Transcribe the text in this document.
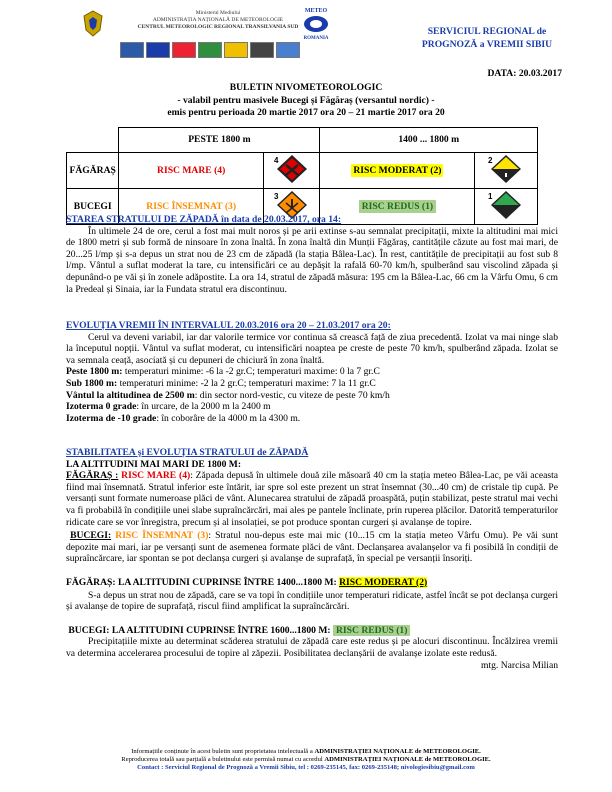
Ministerul Mediului
ADMINISTRAȚIA NAȚIONALĂ DE METEOROLOGIE
CENTRUL METEOROLOGIC REGIONAL TRANSILVANIA SUD
METEO
ROMANIA
SERVICIUL REGIONAL de
PROGNOZĂ a VREMII SIBIU
DATA: 20.03.2017
BULETIN NIVOMETEOROLOGIC
- valabil pentru masivele Bucegi și Făgăraș (versantul nordic) -
emis pentru perioada 20 martie 2017 ora 20 – 21 martie 2017 ora 20
	PESTE 1800 m		1400 ... 1800 m	
FĂGĂRAȘ	RISC MARE (4)	4	RISC MODERAT (2)	2

BUCEGI	RISC ÎNSEMNAT (3)	3	RISC REDUS (1)	1

STAREA STRATULUI DE ZĂPADĂ în data de 20.03.2017, ora 14:

În ultimele 24 de ore, cerul a fost mai mult noros și pe arii extinse s-au semnalat precipitații, mixte la altitudini mai mici de 1800 metri și sub formă de ninsoare în zona înaltă. În zona înaltă din Munții Făgăraș, cantitățile căzute au fost mai mari, de 20...25 l/mp și s-a depus un strat nou de 23 cm de zăpadă (la stația Bâlea-Lac). În rest, cantitățile de precipitații au fost sub 8 l/mp. Vântul a suflat moderat la tare, cu intensificări ce au depășit la rafală 60-70 km/h, spulberând sau viscolind zăpada și depunând-o pe văi și în zonele adăpostite. La ora 14, stratul de zăpadă măsura: 195 cm la Bâlea-Lac, 66 cm la Vârfu Omu, 6 cm la Predeal și Sinaia, iar la Fundata stratul era discontinuu.

EVOLUȚIA VREMII ÎN INTERVALUL 20.03.2016 ora 20 – 21.03.2017 ora 20:

Cerul va deveni variabil, iar dar valorile termice vor continua să crească față de ziua precedentă. Izolat va mai ninge slab la începutul nopții. Vântul va suflat moderat, cu intensificări noaptea pe creste de peste 70 km/h, spulberând zăpada. Izolat se va semnala ceață, asociată și cu depuneri de chiciură în zona înaltă.

Peste 1800 m: temperaturi minime: -6 la -2 gr.C; temperaturi maxime: 0 la 7 gr.C

Sub 1800 m: temperaturi minime: -2 la 2 gr.C; temperaturi maxime: 7 la 11 gr.C

Vântul la altitudinea de 2500 m: din sector nord-vestic, cu viteze de peste 70 km/h

Izoterma 0 grade: în urcare, de la 2000 m la 2400 m

Izoterma de -10 grade: în coborâre de la 4000 m la 4300 m.

STABILITATEA şi EVOLUȚIA STRATULUI de ZĂPADĂ

LA ALTITUDINI MAI MARI DE 1800 M:

FĂGĂRAȘ : RISC MARE (4): Zăpada depusă în ultimele două zile măsoară 40 cm la stația meteo Bâlea-Lac, pe văi aceasta fiind mai însemnată. Stratul inferior este întărit, iar spre sol este prezent un strat însemnat (30...40 cm) de cristale tip cupă. Pe versanți sunt formate numeroase plăci de vânt. Alunecarea stratului de zăpadă proaspătă, puțin stabilizat, peste stratul mai vechi va fi probabilă în condițiile unei slabe supraîncărcări, mai ales pe pantele înclinate, prin ruperea plăcilor. Datorită temperaturilor ridicate care se vor înregistra, precum și al insolației, se pot produce spontan curgeri și avalanșe de topire.

BUCEGI: RISC ÎNSEMNAT (3): Stratul nou-depus este mai mic (10...15 cm la stația meteo Vârfu Omu). Pe văi sunt depozite mai mari, iar pe versanți sunt de asemenea formate plăci de vânt. Declanșarea avalanșelor va fi posibilă în condiții de supraîncărcare, iar spontan se pot declanșa curgeri și avalanșe de suprafață, în special pe versanții însoriți.

FĂGĂRAȘ: LA ALTITUDINI CUPRINSE ÎNTRE 1400...1800 M: RISC MODERAT (2)

S-a depus un strat nou de zăpadă, care se va topi în condițiile unor temperaturi ridicate, astfel încât se pot declanșa curgeri și avalanșe de topire de suprafață, riscul fiind amplificat la supraîncărcări.

BUCEGI: LA ALTITUDINI CUPRINSE ÎNTRE 1600...1800 M: RISC REDUS (1)

Precipitațiile mixte au determinat scăderea stratului de zăpadă care este redus și pe alocuri discontinuu. Încălzirea vremii va determina accelerarea procesului de topire al zăpezii. Posibilitatea declanșării de avalanșe izolate este redusă.

mtg. Narcisa Milian

Informațiile conținute în acest buletin sunt proprietatea intelectuală a ADMINISTRAȚIEI NAȚIONALE de METEOROLOGIE.
Reproducerea totală sau parțială a buletinului este permisă numai cu acordul ADMINISTRAȚIEI NAȚIONALE de METEOROLOGIE.
Contact : Serviciul Regional de Prognoză a Vremii Sibiu, tel : 0269-235145, fax: 0269-235148; nivologiesibiu@gmail.com
